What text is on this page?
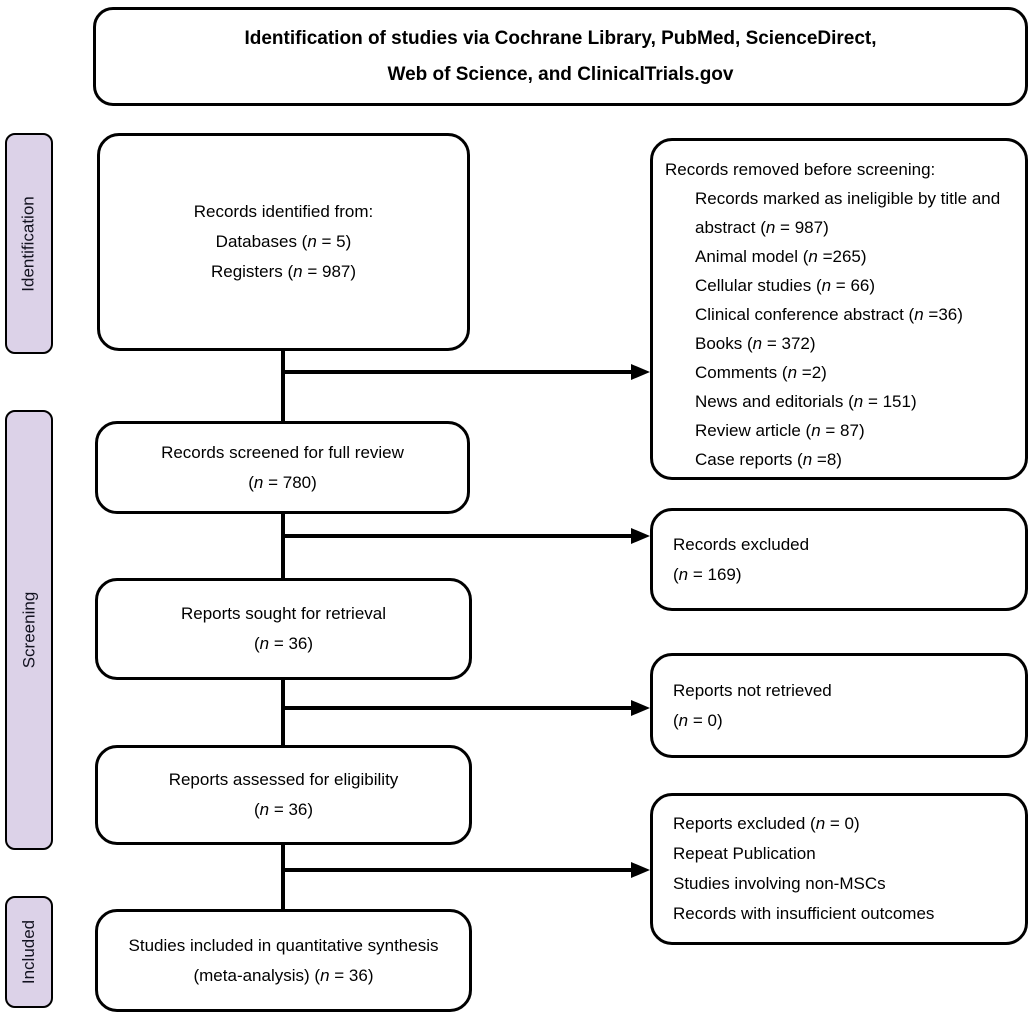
Identification of studies via Cochrane Library, PubMed, ScienceDirect,
Web of Science, and ClinicalTrials.gov
Identification
Screening
Included
Records identified from:
Databases (n = 5)
Registers (n = 987)
Records screened for full review
(n = 780)
Reports sought for retrieval
(n = 36)
Reports assessed for eligibility
(n = 36)
Studies included in quantitative synthesis
(meta-analysis) (n = 36)
Records removed before screening:
Records marked as ineligible by title and
abstract (n = 987)
Animal model (n =265)
Cellular studies (n = 66)
Clinical conference abstract (n =36)
Books (n = 372)
Comments (n =2)
News and editorials (n = 151)
Review article (n = 87)
Case reports (n =8)
Records excluded
(n = 169)
Reports not retrieved
(n = 0)
Reports excluded (n = 0)
Repeat Publication
Studies involving non-MSCs
Records with insufficient outcomes
